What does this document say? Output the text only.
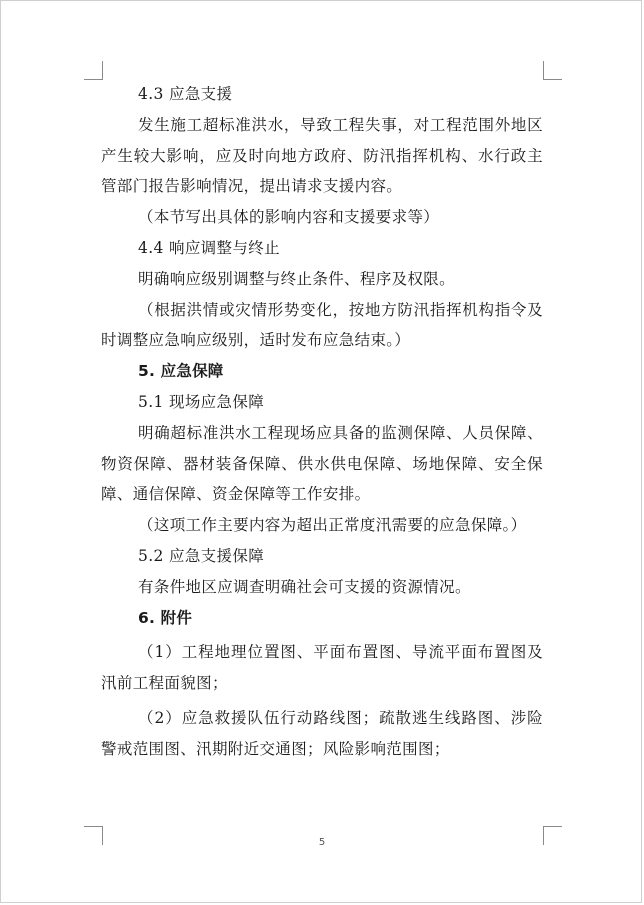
4.3 应急支援

发生施工超标准洪水，导致工程失事，对工程范围外地区产生较大影响，应及时向地方政府、防汛指挥机构、水行政主管部门报告影响情况，提出请求支援内容。

（本节写出具体的影响内容和支援要求等）

4.4 响应调整与终止

明确响应级别调整与终止条件、程序及权限。

（根据洪情或灾情形势变化，按地方防汛指挥机构指令及时调整应急响应级别，适时发布应急结束。）

5. 应急保障

5.1 现场应急保障

明确超标准洪水工程现场应具备的监测保障、人员保障、物资保障、器材装备保障、供水供电保障、场地保障、安全保障、通信保障、资金保障等工作安排。

（这项工作主要内容为超出正常度汛需要的应急保障。）

5.2 应急支援保障

有条件地区应调查明确社会可支援的资源情况。

6. 附件

（1）工程地理位置图、平面布置图、导流平面布置图及汛前工程面貌图；

（2）应急救援队伍行动路线图；疏散逃生线路图、涉险警戒范围图、汛期附近交通图；风险影响范围图；

5
